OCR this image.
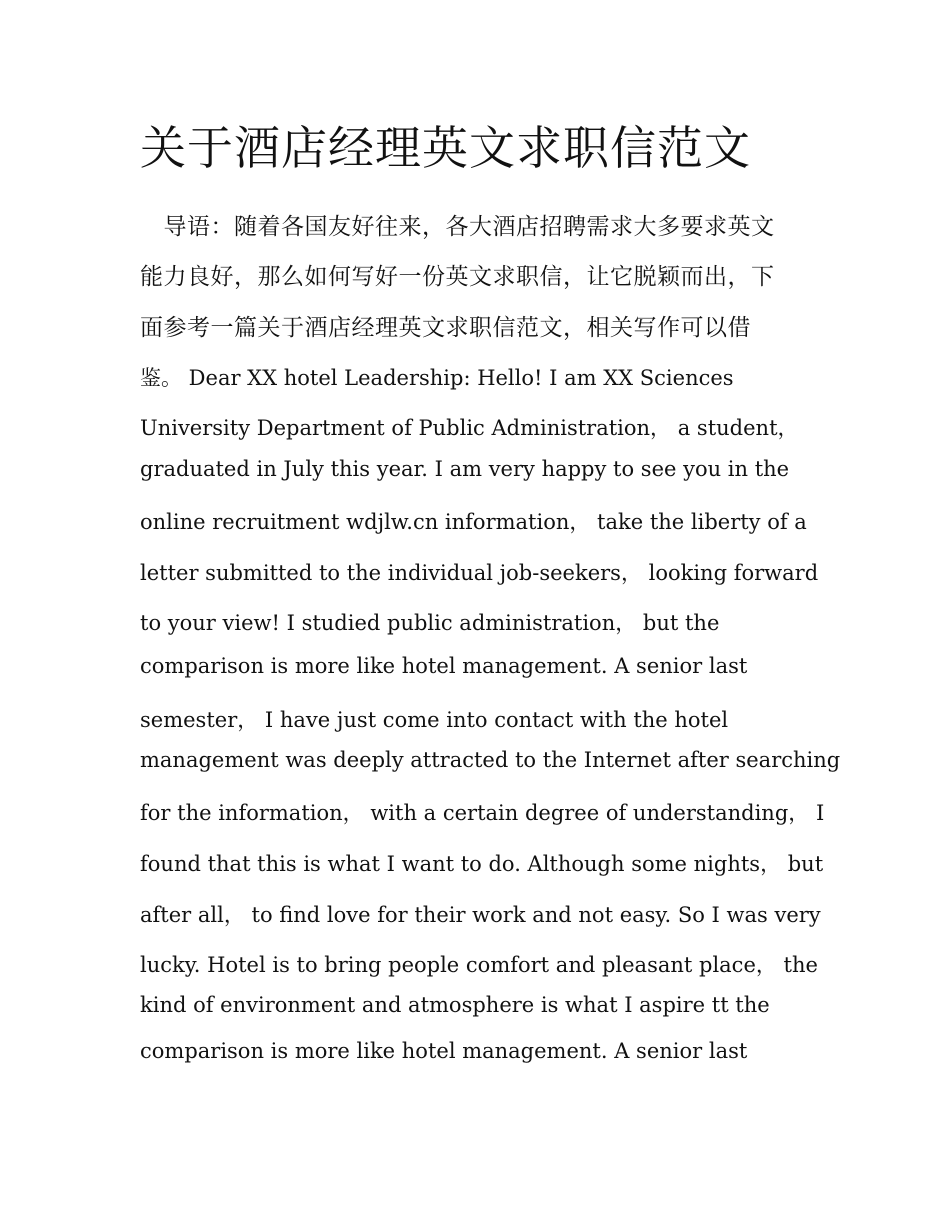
关于酒店经理英文求职信范文
　导语：随着各国友好往来，各大酒店招聘需求大多要求英文
能力良好，那么如何写好一份英文求职信，让它脱颖而出，下
面参考一篇关于酒店经理英文求职信范文，相关写作可以借
鉴。 Dear XX hotel Leadership: Hello! I am XX Sciences
University Department of Public Administration， a student，
graduated in July this year. I am very happy to see you in the
online recruitment wdjlw.cn information， take the liberty of a
letter submitted to the individual job-seekers， looking forward
to your view! I studied public administration， but the
comparison is more like hotel management. A senior last
semester， I have just come into contact with the hotel
management was deeply attracted to the Internet after searching
for the information， with a certain degree of understanding， I
found that this is what I want to do. Although some nights， but
after all， to find love for their work and not easy. So I was very
lucky. Hotel is to bring people comfort and pleasant place， the
kind of environment and atmosphere is what I aspire tt the
comparison is more like hotel management. A senior last
